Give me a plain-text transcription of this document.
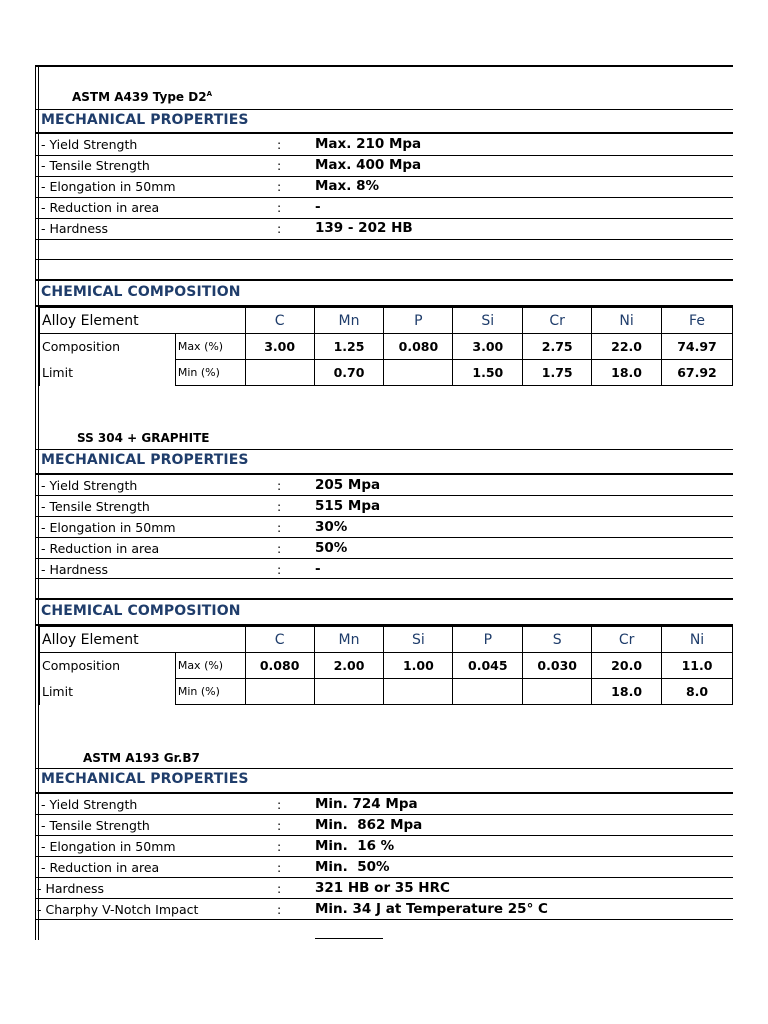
ASTM A439 Type $D2^A$
MECHANICAL PROPERTIES
- Yield Strength	:	Max. 210 Mpa
- Tensile Strength	:	Max. 400 Mpa
- Elongation in 50mm	:	Max. 8%
- Reduction in area	:	-
- Hardness	:	139 - 202 HB
CHEMICAL COMPOSITION
Alloy Element		C	Mn	P	Si	Cr	Ni	Fe
Composition	Max (%)	3.00	1.25	0.080	3.00	2.75	22.0	74.97
Limit	Min (%)		0.70		1.50	1.75	18.0	67.92
SS 304 + GRAPHITE
MECHANICAL PROPERTIES
- Yield Strength	:	205 Mpa
- Tensile Strength	:	515 Mpa
- Elongation in 50mm	:	30%
- Reduction in area	:	50%
- Hardness	:	-
CHEMICAL COMPOSITION
Alloy Element		C	Mn	Si	P	S	Cr	Ni
Composition	Max (%)	0.080	2.00	1.00	0.045	0.030	20.0	11.0
Limit	Min (%)						18.0	8.0
ASTM A193 Gr.B7
MECHANICAL PROPERTIES
- Yield Strength	:	Min. 724 Mpa
- Tensile Strength	:	Min.  862 Mpa
- Elongation in 50mm	:	Min.  16 %
- Reduction in area	:	Min.  50%
- Hardness	:	321 HB or 35 HRC
- Charphy V-Notch Impact	:	Min. 34 J at Temperature 25° C
